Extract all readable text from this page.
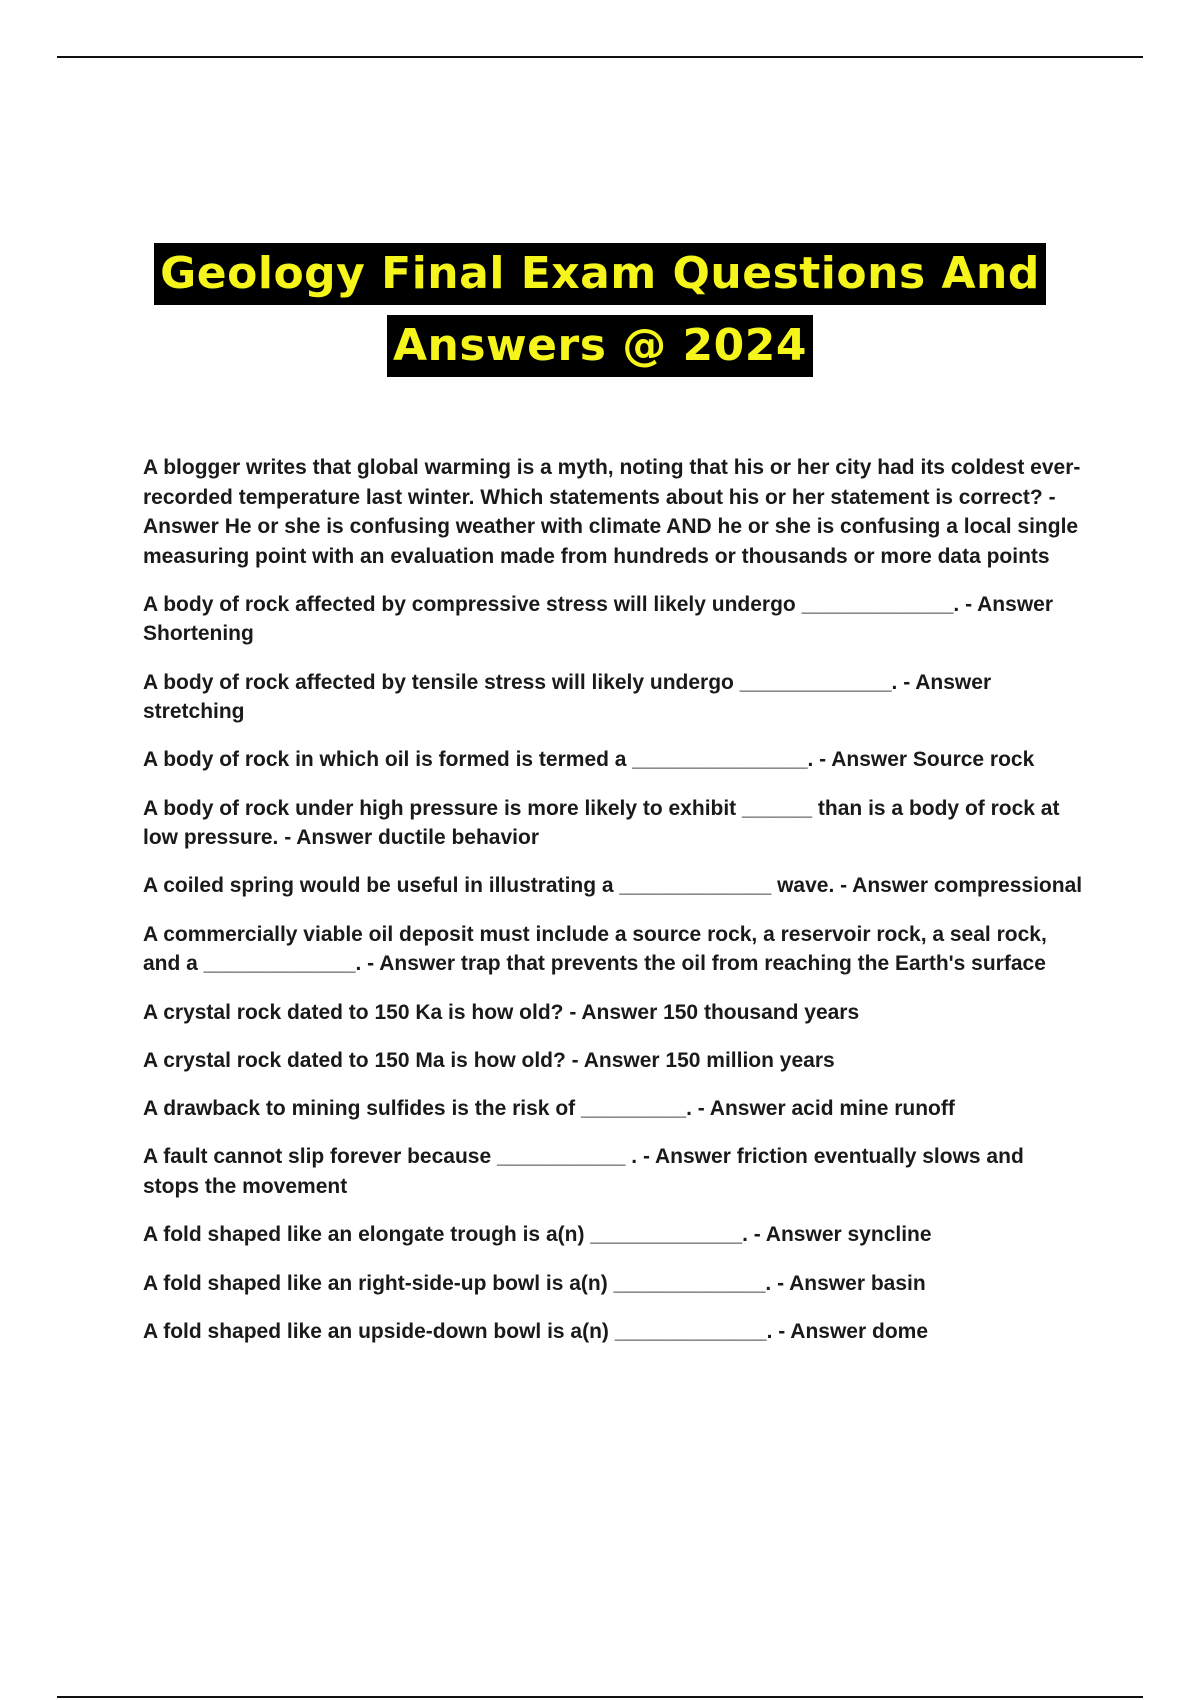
Geology Final Exam Questions And
Answers @ 2024
A blogger writes that global warming is a myth, noting that his or her city had its coldest ever-recorded temperature last winter. Which statements about his or her statement is correct? - Answer He or she is confusing weather with climate AND he or she is confusing a local single measuring point with an evaluation made from hundreds or thousands or more data points
A body of rock affected by compressive stress will likely undergo _____________. - Answer Shortening
A body of rock affected by tensile stress will likely undergo _____________. - Answer stretching
A body of rock in which oil is formed is termed a _______________. - Answer Source rock
A body of rock under high pressure is more likely to exhibit ______ than is a body of rock at low pressure. - Answer ductile behavior
A coiled spring would be useful in illustrating a _____________ wave. - Answer compressional
A commercially viable oil deposit must include a source rock, a reservoir rock, a seal rock, and a _____________. - Answer trap that prevents the oil from reaching the Earth's surface
A crystal rock dated to 150 Ka is how old? - Answer 150 thousand years
A crystal rock dated to 150 Ma is how old? - Answer 150 million years
A drawback to mining sulfides is the risk of _________. - Answer acid mine runoff
A fault cannot slip forever because ___________ . - Answer friction eventually slows and stops the movement
A fold shaped like an elongate trough is a(n) _____________. - Answer syncline
A fold shaped like an right-side-up bowl is a(n) _____________. - Answer basin
A fold shaped like an upside-down bowl is a(n) _____________. - Answer dome
